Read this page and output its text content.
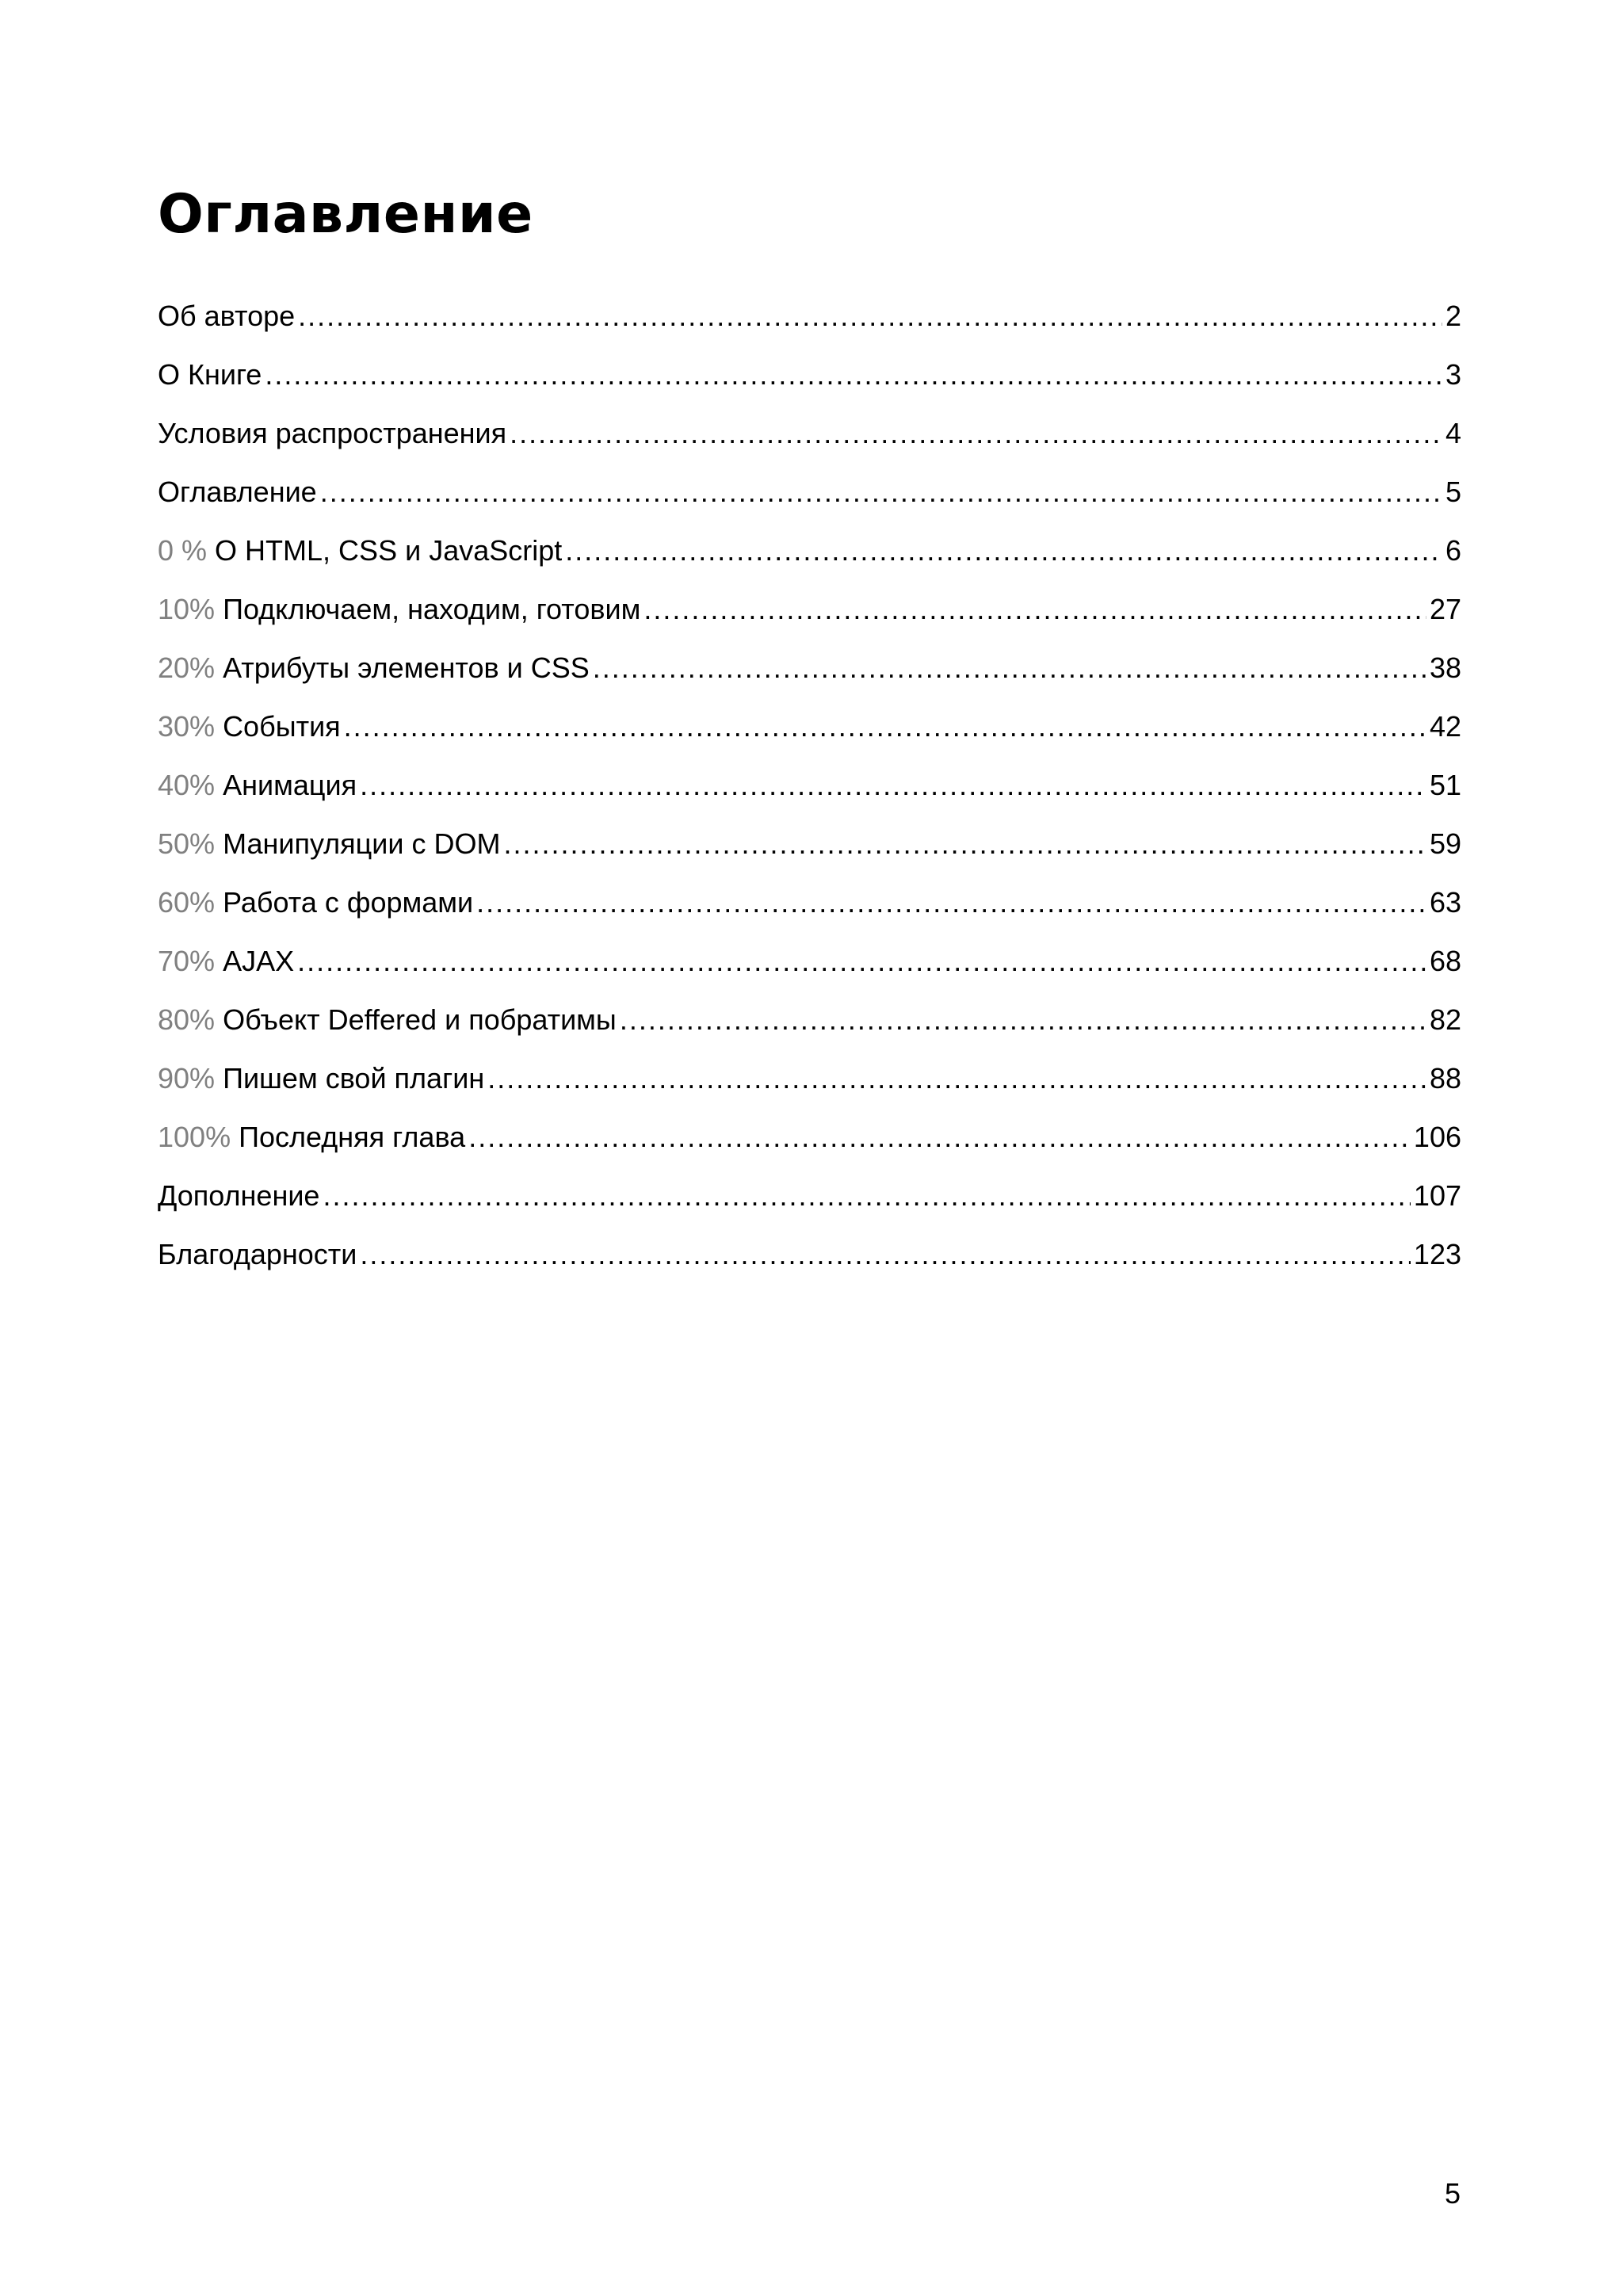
Оглавление
Об авторе .....	2
О Книге .....	3
Условия распространения .....	4
Оглавление .....	5
0 % О HTML, CSS и JavaScript .....	6
10% Подключаем, находим, готовим .....	27
20% Атрибуты элементов и CSS .....	38
30% События .....	42
40% Анимация .....	51
50% Манипуляции с DOM .....	59
60% Работа с формами .....	63
70% AJAX .....	68
80% Объект Deffered и побратимы .....	82
90% Пишем свой плагин .....	88
100% Последняя глава .....	106
Дополнение .....	107
Благодарности .....	123
5
